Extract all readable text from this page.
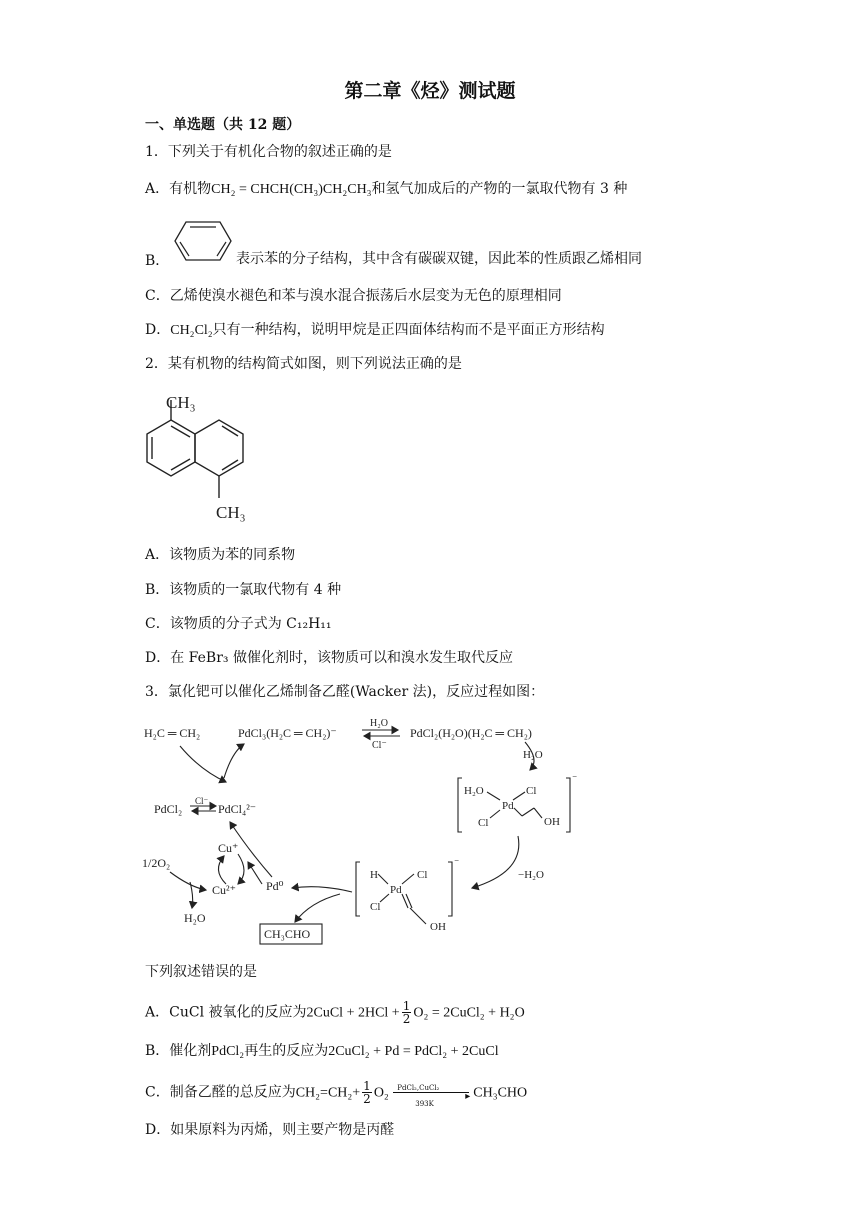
第二章《烃》测试题
一、单选题（共 12 题）
1．下列关于有机化合物的叙述正确的是
A．有机物CH₂ = CHCH(CH₃)CH₂CH₃和氢气加成后的产物的一氯取代物有 3 种
B．	表示苯的分子结构，其中含有碳碳双键，因此苯的性质跟乙烯相同
C．乙烯使溴水褪色和苯与溴水混合振荡后水层变为无色的原理相同
D．CH₂Cl₂只有一种结构，说明甲烷是正四面体结构而不是平面正方形结构
2．某有机物的结构简式如图，则下列说法正确的是
CH₃
CH₃
A．该物质为苯的同系物
B．该物质的一氯取代物有 4 种
C．该物质的分子式为 C₁₂H₁₁
D．在 FeBr₃ 做催化剂时，该物质可以和溴水发生取代反应
3．氯化钯可以催化乙烯制备乙醛(Wacker 法)，反应过程如图：
H₂C ═ CH₂	PdCl₃(H₂C ═ CH₂)⁻
H₂O
Cl⁻
PdCl₂(H₂O)(H₂C ═ CH₂)
H₂O
H₂O
Pd
Cl
Cl	OH
−H₂O
H
Pd
Cl
Cl
OH
PdCl₂
Cl⁻
PdCl₄²⁻
Cu⁺
1/2O₂
Cu²⁺
H₂O
Pd⁰
CH₃CHO
⁻
⁻
下列叙述错误的是
A．CuCl 被氧化的反应为2CuCl + $2HCl + \frac{1}{2} O_2$ = 2CuCl₂ + H₂O
B．催化剂PdCl₂再生的反应为2CuCl₂ + Pd = PdCl₂ + 2CuCl
C．制备乙醛的总反应为$CH_2=CH_2+ \frac{1}{2} O_2$ PdCl₂,CuCl₂
▸
393K
CH₃CHO
D．如果原料为丙烯，则主要产物是丙醛
